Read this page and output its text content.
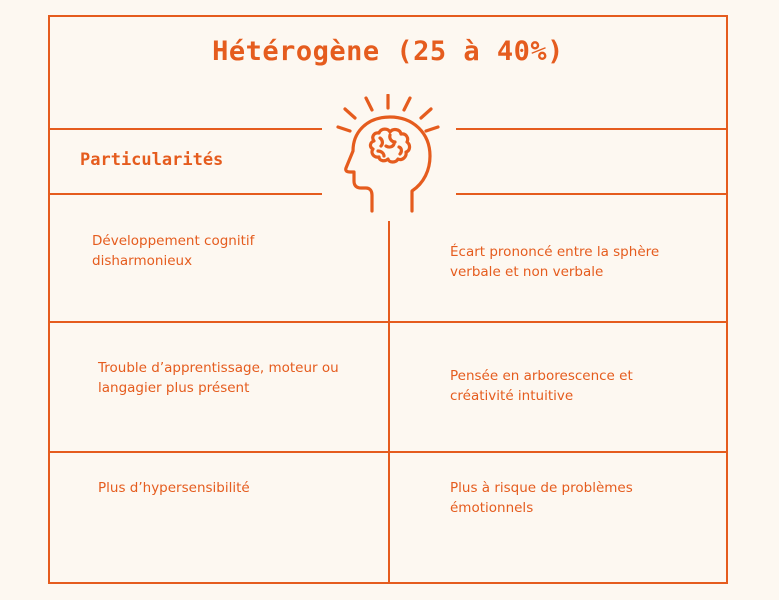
Hétérogène (25 à 40%)
Particularités
Développement cognitif disharmonieux
Écart prononcé entre la sphère verbale et non verbale
Trouble d’apprentissage, moteur ou langagier plus présent
Pensée en arborescence et créativité intuitive
Plus d’hypersensibilité	Plus à risque de problèmes émotionnels
